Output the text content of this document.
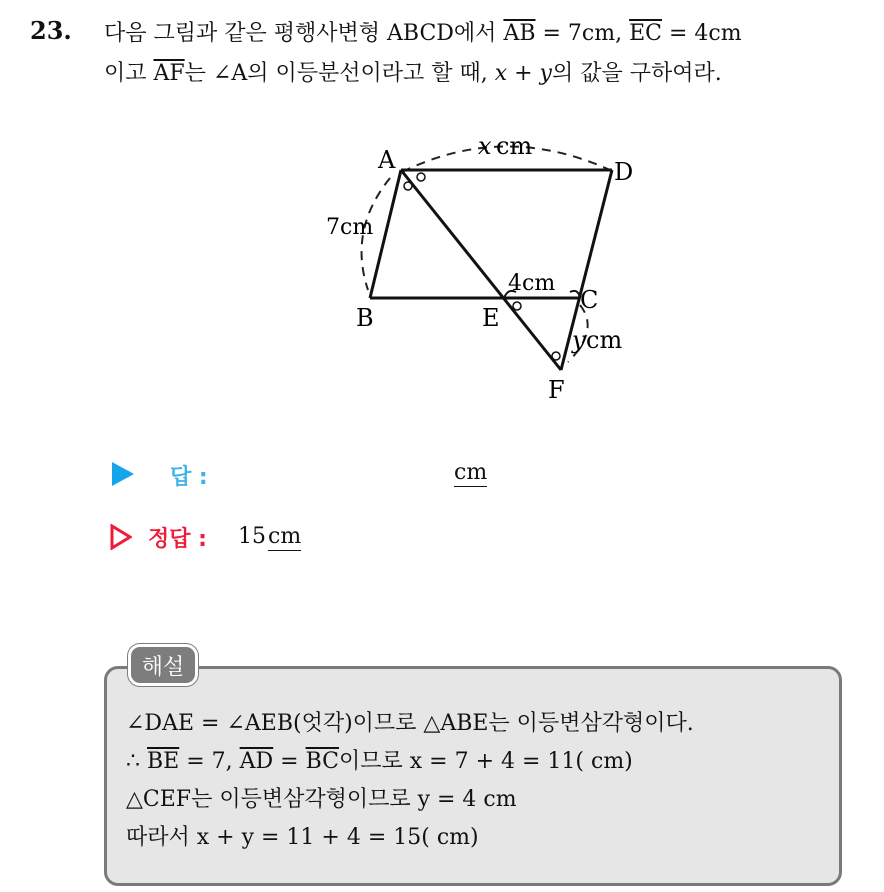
23. 다음 그림과 같은 평행사변형 ABCD에서 $\overline{AB} = 7cm$, $\overline{EC} = 4cm$
이고 $\overline{AF}$는 ∠A의 이등분선이라고 할 때, x + y의 값을 구하여라.
A	D
B	E
C
F
x cm
7cm
4cm
y cm
답 :	cm
정답 : 15cm
해설
∠DAE = ∠AEB(엇각)이므로 △ABE는 이등변삼각형이다.
∴ $\overline{BE} = 7$, $\overline{AD} = \overline{BC}$이므로 x = 7 + 4 = 11( cm)
△CEF는 이등변삼각형이므로 y = 4 cm
따라서 x + y = 11 + 4 = 15( cm)
